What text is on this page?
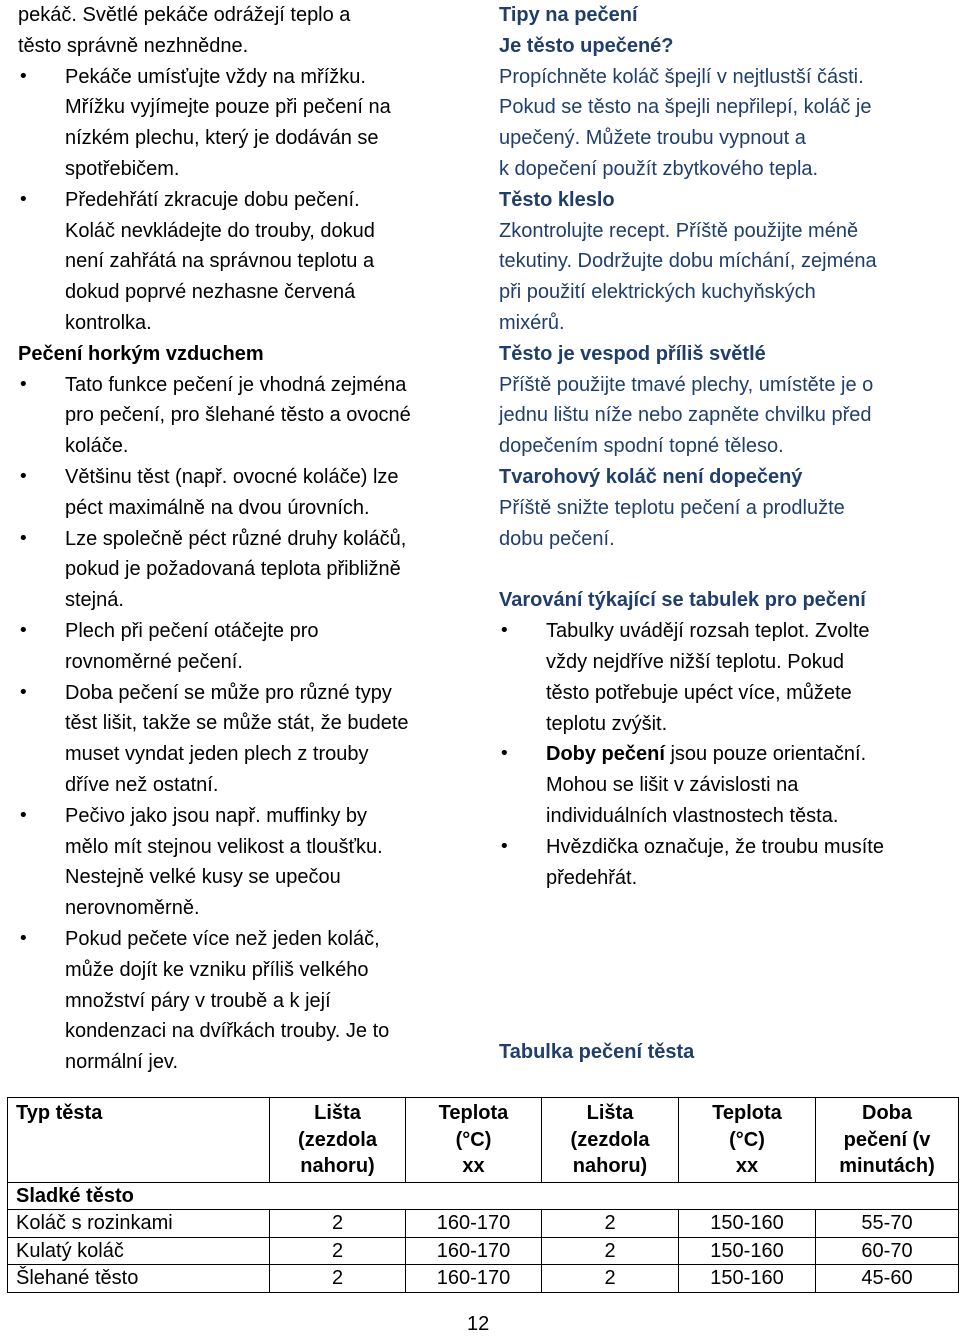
pekáč. Světlé pekáče odrážejí teplo a
těsto správně nezhnědne.

• Pekáče umísťujte vždy na mřížku.
Mřížku vyjímejte pouze při pečení na
nízkém plechu, který je dodáván se
spotřebičem.
• Předehřátí zkracuje dobu pečení.
Koláč nevkládejte do trouby, dokud
není zahřátá na správnou teplotu a
dokud poprvé nezhasne červená
kontrolka.

Pečení horkým vzduchem

• Tato funkce pečení je vhodná zejména
pro pečení, pro šlehané těsto a ovocné
koláče.
• Většinu těst (např. ovocné koláče) lze
péct maximálně na dvou úrovních.
• Lze společně péct různé druhy koláčů,
pokud je požadovaná teplota přibližně
stejná.
• Plech při pečení otáčejte pro
rovnoměrné pečení.
• Doba pečení se může pro různé typy
těst lišit, takže se může stát, že budete
muset vyndat jeden plech z trouby
dříve než ostatní.
• Pečivo jako jsou např. muffinky by
mělo mít stejnou velikost a tloušťku.
Nestejně velké kusy se upečou
nerovnoměrně.
• Pokud pečete více než jeden koláč,
může dojít ke vzniku příliš velkého
množství páry v troubě a k její
kondenzaci na dvířkách trouby. Je to
normální jev.

Tipy na pečení

Je těsto upečené?

Propíchněte koláč špejlí v nejtlustší části.
Pokud se těsto na špejli nepřilepí, koláč je
upečený. Můžete troubu vypnout a
k dopečení použít zbytkového tepla.

Těsto kleslo

Zkontrolujte recept. Příště použijte méně
tekutiny. Dodržujte dobu míchání, zejména
při použití elektrických kuchyňských
mixérů.

Těsto je vespod příliš světlé

Příště použijte tmavé plechy, umístěte je o
jednu lištu níže nebo zapněte chvilku před
dopečením spodní topné těleso.

Tvarohový koláč není dopečený

Příště snižte teplotu pečení a prodlužte
dobu pečení.

Varování týkající se tabulek pro pečení

• Tabulky uvádějí rozsah teplot. Zvolte
vždy nejdříve nižší teplotu. Pokud
těsto potřebuje upéct více, můžete
teplotu zvýšit.
• Doby pečení jsou pouze orientační.
Mohou se lišit v závislosti na
individuálních vlastnostech těsta.
• Hvězdička označuje, že troubu musíte
předehřát.

Tabulka pečení těsta

Typ těsta	Lišta
(zezdola
nahoru)	Teplota
(°C)
xx	Lišta
(zezdola
nahoru)	Teplota
(°C)
xx	Doba
pečení (v
minutách)
Sladké těsto					
Koláč s rozinkami	2	160-170	2	150-160	55-70
Kulatý koláč	2	160-170	2	150-160	60-70
Šlehané těsto	2	160-170	2	150-160	45-60
12
